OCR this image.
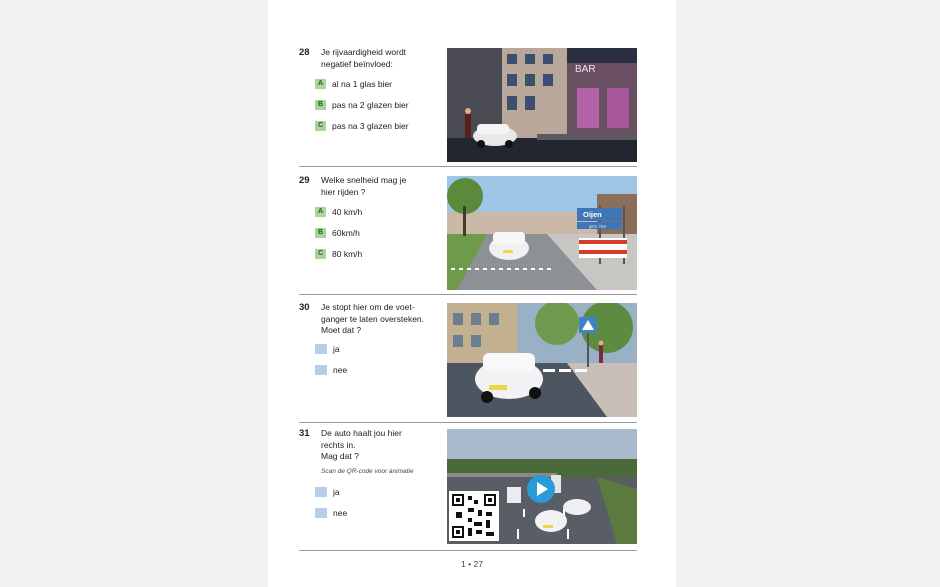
28 Je rijvaardigheid wordt
negatief beïnvloed:
A al na 1 glas bier
B pas na 2 glazen bier
C pas na 3 glazen bier
BAR
29 Welke snelheid mag je
hier rijden ?
A 40 km/h
B 60km/h
C 80 km/h
Oijen
gem. Oss
30 Je stopt hier om de voet-
ganger te laten oversteken.
Moet dat ?
ja
nee
31 De auto haalt jou hier
rechts in.
Mag dat ?
Scan de QR-code voor animatie
ja
nee
1 • 27
